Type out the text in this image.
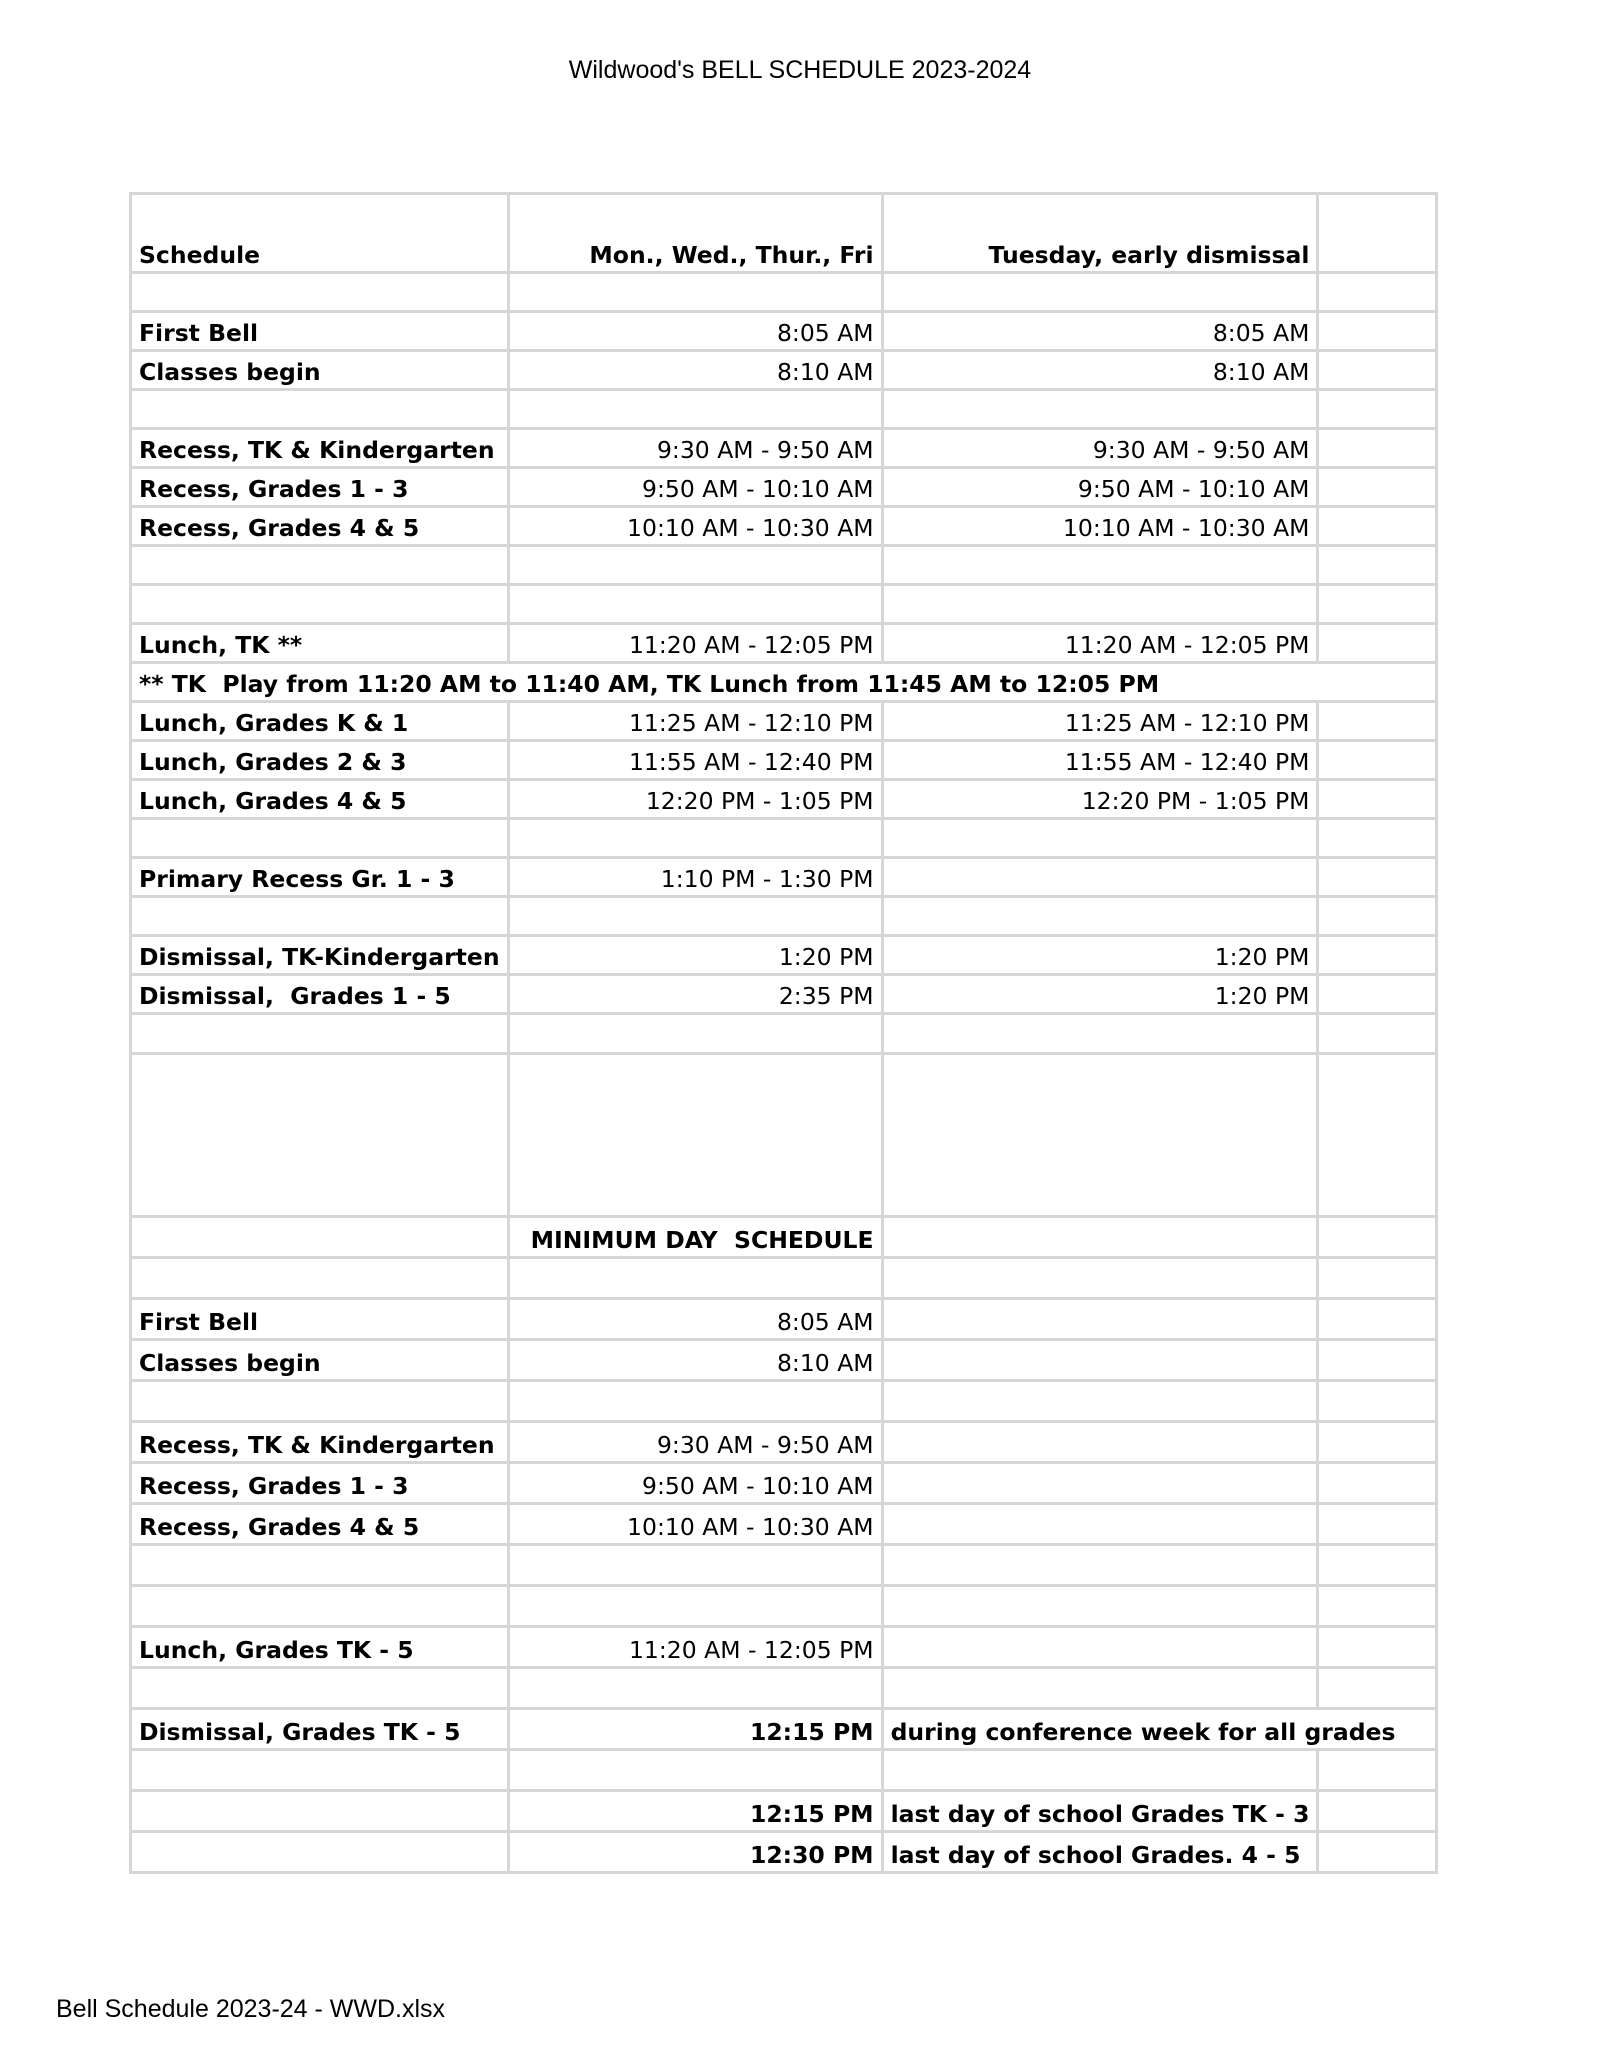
Wildwood's BELL SCHEDULE 2023-2024
Schedule	Mon., Wed., Thur., Fri	Tuesday, early dismissal	

First Bell	8:05 AM	8:05 AM	
Classes begin	8:10 AM	8:10 AM	

Recess, TK & Kindergarten	9:30 AM - 9:50 AM	9:30 AM - 9:50 AM	
Recess, Grades 1 - 3	9:50 AM - 10:10 AM	9:50 AM - 10:10 AM	
Recess, Grades 4 & 5	10:10 AM - 10:30 AM	10:10 AM - 10:30 AM	

Lunch, TK **	11:20 AM - 12:05 PM	11:20 AM - 12:05 PM	
** TK  Play from 11:20 AM to 11:40 AM, TK Lunch from 11:45 AM to 12:05 PM			
Lunch, Grades K & 1	11:25 AM - 12:10 PM	11:25 AM - 12:10 PM	
Lunch, Grades 2 & 3	11:55 AM - 12:40 PM	11:55 AM - 12:40 PM	
Lunch, Grades 4 & 5	12:20 PM - 1:05 PM	12:20 PM - 1:05 PM	

Primary Recess Gr. 1 - 3	1:10 PM - 1:30 PM		

Dismissal, TK-Kindergarten	1:20 PM	1:20 PM	
Dismissal,  Grades 1 - 5	2:35 PM	1:20 PM	

	MINIMUM DAY  SCHEDULE		

First Bell	8:05 AM		
Classes begin	8:10 AM		

Recess, TK & Kindergarten	9:30 AM - 9:50 AM		
Recess, Grades 1 - 3	9:50 AM - 10:10 AM		
Recess, Grades 4 & 5	10:10 AM - 10:30 AM		

Lunch, Grades TK - 5	11:20 AM - 12:05 PM		

Dismissal, Grades TK - 5	12:15 PM	during conference week for all grades	

	12:15 PM	last day of school Grades TK - 3	
	12:30 PM	last day of school Grades. 4 - 5	
Bell Schedule 2023-24 - WWD.xlsx
